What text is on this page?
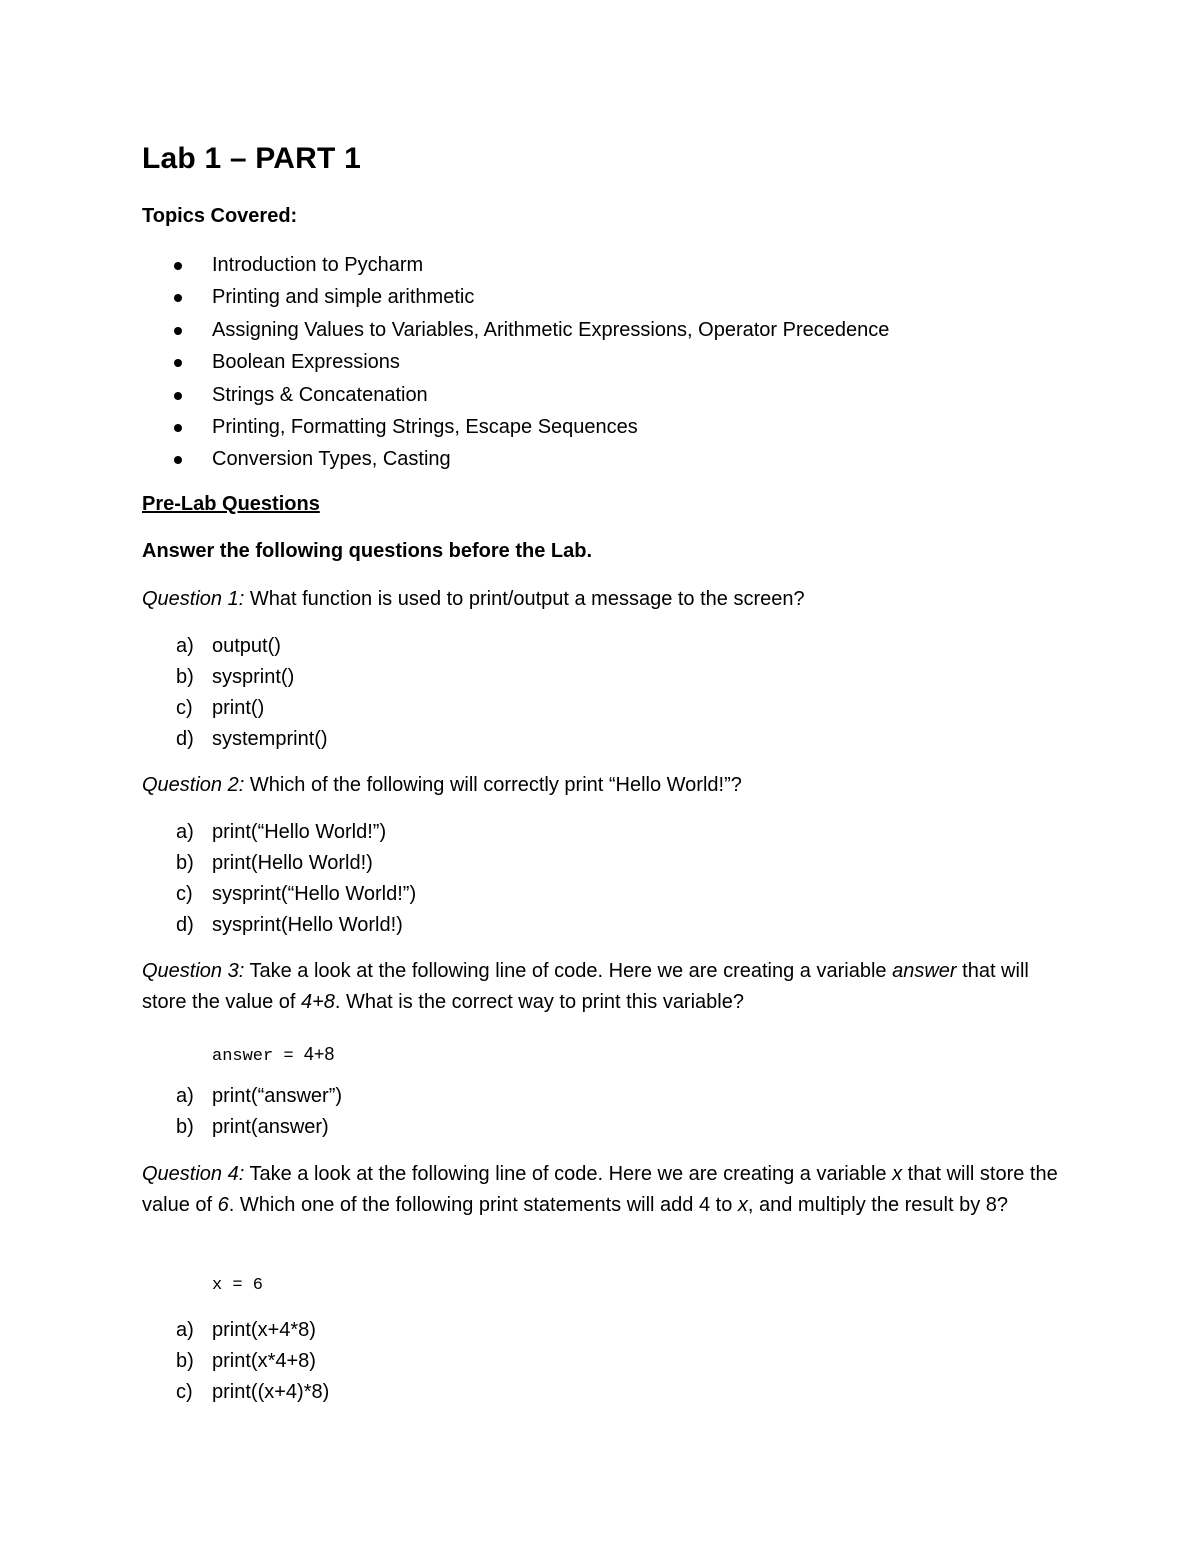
Lab 1 – PART 1
Topics Covered:
Introduction to Pycharm
Printing and simple arithmetic
Assigning Values to Variables, Arithmetic Expressions, Operator Precedence
Boolean Expressions
Strings & Concatenation
Printing, Formatting Strings, Escape Sequences
Conversion Types, Casting
Pre-Lab Questions
Answer the following questions before the Lab.
Question 1: What function is used to print/output a message to the screen?
a) output()
b) sysprint()
c) print()
d) systemprint()
Question 2: Which of the following will correctly print “Hello World!”?
a) print(“Hello World!”)
b) print(Hello World!)
c) sysprint(“Hello World!”)
d) sysprint(Hello World!)
Question 3: Take a look at the following line of code. Here we are creating a variable answer that will store the value of 4+8. What is the correct way to print this variable?
answer = 4+8
a) print(“answer”)
b) print(answer)
Question 4: Take a look at the following line of code. Here we are creating a variable x that will store the value of 6. Which one of the following print statements will add 4 to x, and multiply the result by 8?
x = 6
a) print(x+4*8)
b) print(x*4+8)
c) print((x+4)*8)
